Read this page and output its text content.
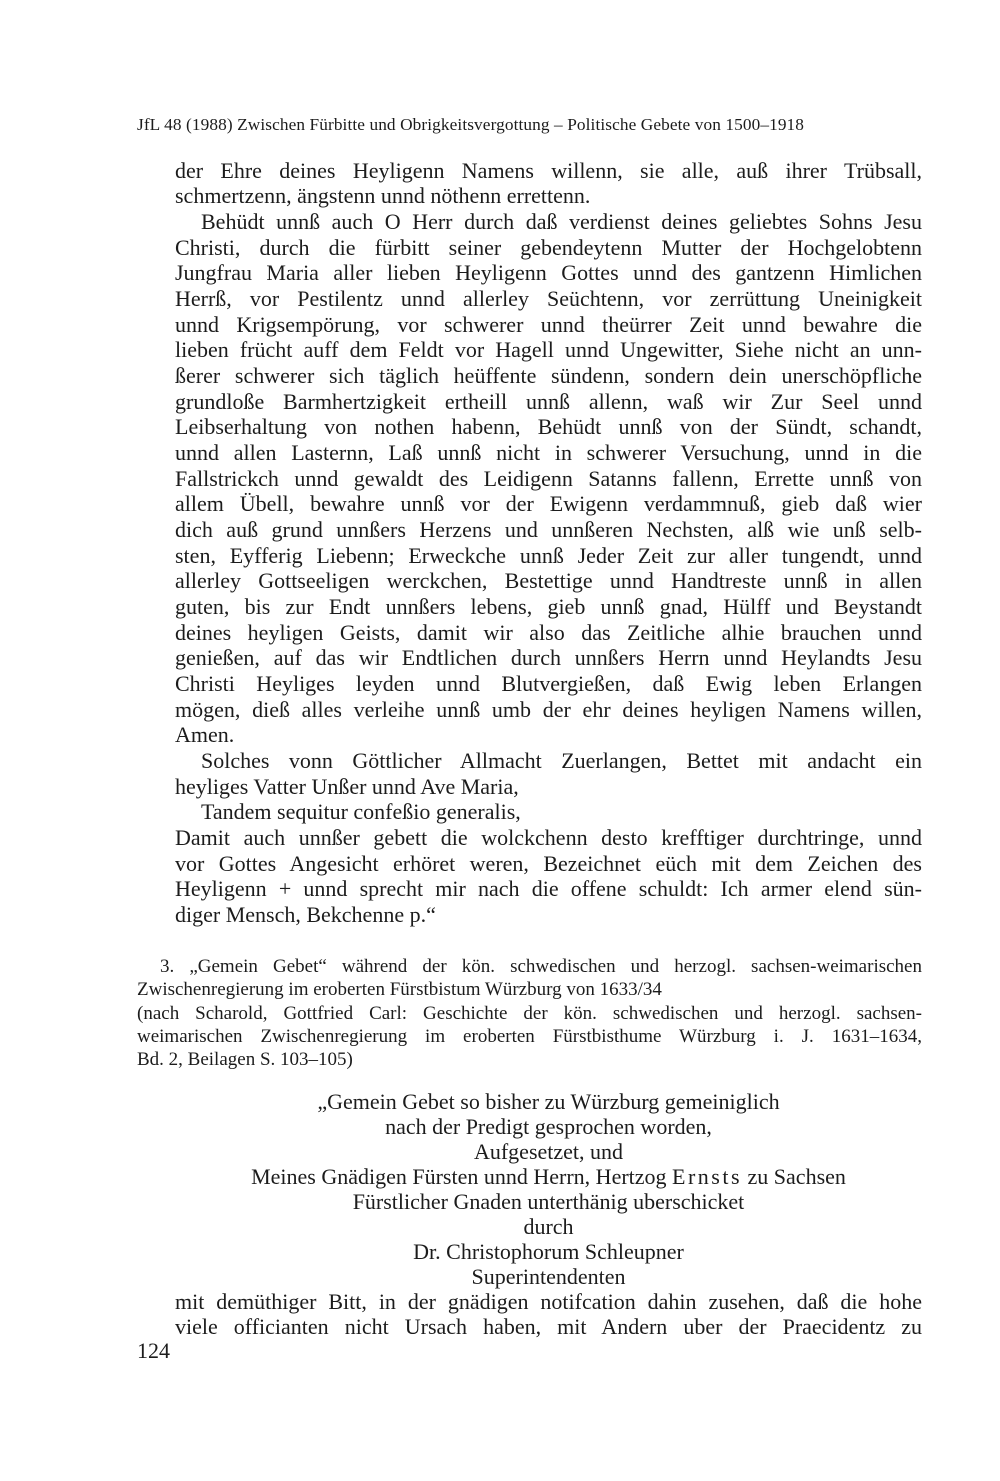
JfL 48 (1988) Zwischen Fürbitte und Obrigkeitsvergottung – Politische Gebete von 1500–1918

der Ehre deines Heyligenn Namens willenn, sie alle, auß ihrer Trübsall,

schmertzenn, ängstenn unnd nöthenn errettenn.

Behüdt unnß auch O Herr durch daß verdienst deines geliebtes Sohns Jesu

Christi, durch die fürbitt seiner gebendeytenn Mutter der Hochgelobtenn

Jungfrau Maria aller lieben Heyligenn Gottes unnd des gantzenn Himlichen

Herrß, vor Pestilentz unnd allerley Seüchtenn, vor zerrüttung Uneinigkeit

unnd Krigsempörung, vor schwerer unnd theürrer Zeit unnd bewahre die

lieben frücht auff dem Feldt vor Hagell unnd Ungewitter, Siehe nicht an unn-

ßerer schwerer sich täglich heüffente sündenn, sondern dein unerschöpfliche

grundloße Barmhertzigkeit ertheill unnß allenn, waß wir Zur Seel unnd

Leibserhaltung von nothen habenn, Behüdt unnß von der Sündt, schandt,

unnd allen Lasternn, Laß unnß nicht in schwerer Versuchung, unnd in die

Fallstrickch unnd gewaldt des Leidigenn Satanns fallenn, Errette unnß von

allem Übell, bewahre unnß vor der Ewigenn verdammnuß, gieb daß wier

dich auß grund unnßers Herzens und unnßeren Nechsten, alß wie unß selb-

sten, Eyfferig Liebenn; Erweckche unnß Jeder Zeit zur aller tungendt, unnd

allerley Gottseeligen werckchen, Bestettige unnd Handtreste unnß in allen

guten, bis zur Endt unnßers lebens, gieb unnß gnad, Hülff und Beystandt

deines heyligen Geists, damit wir also das Zeitliche alhie brauchen unnd

genießen, auf das wir Endtlichen durch unnßers Herrn unnd Heylandts Jesu

Christi Heyliges leyden unnd Blutvergießen, daß Ewig leben Erlangen

mögen, dieß alles verleihe unnß umb der ehr deines heyligen Namens willen,

Amen.

Solches vonn Göttlicher Allmacht Zuerlangen, Bettet mit andacht ein

heyliges Vatter Unßer unnd Ave Maria,

Tandem sequitur confeßio generalis,

Damit auch unnßer gebett die wolckchenn desto krefftiger durchtringe, unnd

vor Gottes Angesicht erhöret weren, Bezeichnet eüch mit dem Zeichen des

Heyligenn + unnd sprecht mir nach die offene schuldt: Ich armer elend sün-

diger Mensch, Bekchenne p.“

3. „Gemein Gebet“ während der kön. schwedischen und herzogl. sachsen-weimarischen

Zwischenregierung im eroberten Fürstbistum Würzburg von 1633/34

(nach Scharold, Gottfried Carl: Geschichte der kön. schwedischen und herzogl. sachsen-

weimarischen Zwischenregierung im eroberten Fürstbisthume Würzburg i. J. 1631–1634,

Bd. 2, Beilagen S. 103–105)

„Gemein Gebet so bisher zu Würzburg gemeiniglich

nach der Predigt gesprochen worden,

Aufgesetzet, und

Meines Gnädigen Fürsten unnd Herrn, Hertzog Ernsts zu Sachsen

Fürstlicher Gnaden unterthänig uberschicket

durch

Dr. Christophorum Schleupner

Superintendenten

mit demüthiger Bitt, in der gnädigen notifcation dahin zusehen, daß die hohe

viele officianten nicht Ursach haben, mit Andern uber der Praecidentz zu

124
